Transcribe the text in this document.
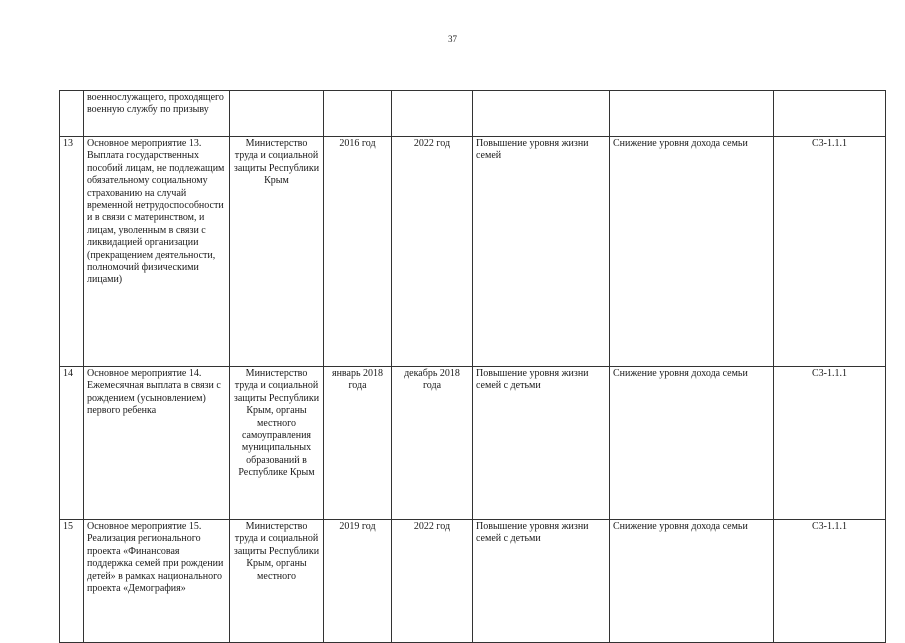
37
	военнослужащего, проходящего военную службу по призыву						
13	Основное мероприятие 13. Выплата государственных пособий лицам, не подлежащим обязательному социальному страхованию на случай временной нетрудоспособности и в связи с материнством, и лицам, уволенным в связи с ликвидацией организации (прекращением деятельности, полномочий физическими лицами)	Министерство труда и социальной защиты Республики Крым	2016 год	2022 год	Повышение уровня жизни семей	Снижение уровня дохода семьи	С3-1.1.1
14	Основное мероприятие 14. Ежемесячная выплата в связи с рождением (усыновлением) первого ребенка	Министерство труда и социальной защиты Республики Крым, органы местного самоуправления муниципальных образований в Республике Крым	январь 2018 года	декабрь 2018 года	Повышение уровня жизни семей с детьми	Снижение уровня дохода семьи	С3-1.1.1
15	Основное мероприятие 15. Реализация регионального проекта «Финансовая поддержка семей при рождении детей» в рамках национального проекта «Демография»	Министерство труда и социальной защиты Республики Крым, органы местного	2019 год	2022 год	Повышение уровня жизни семей с детьми	Снижение уровня дохода семьи	С3-1.1.1
